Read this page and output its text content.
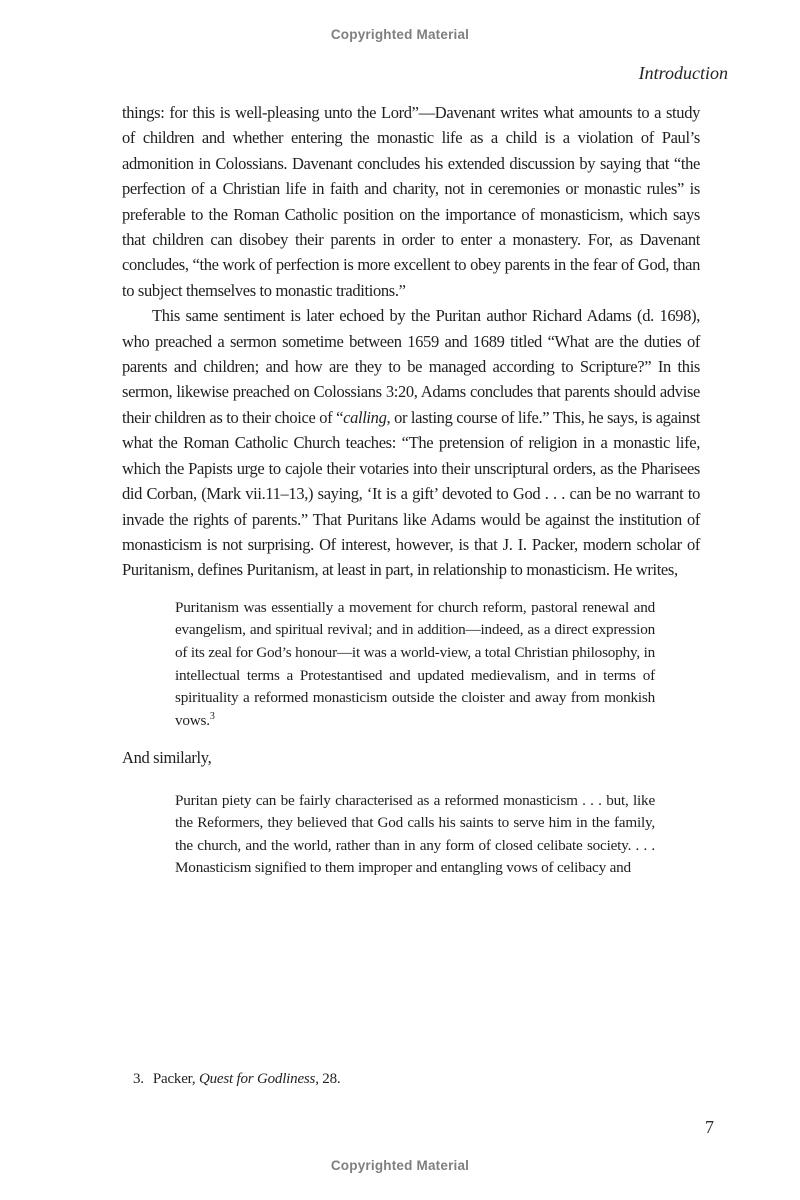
Copyrighted Material
Introduction

things: for this is well-pleasing unto the Lord”—Davenant writes what amounts to a study of children and whether entering the monastic life as a child is a violation of Paul’s admonition in Colossians. Davenant concludes his extended discussion by saying that “the perfection of a Christian life in faith and charity, not in ceremonies or monastic rules” is preferable to the Roman Catholic position on the importance of monasticism, which says that children can disobey their parents in order to enter a monastery. For, as Davenant concludes, “the work of perfection is more excellent to obey parents in the fear of God, than to subject themselves to monastic traditions.”

This same sentiment is later echoed by the Puritan author Richard Adams (d. 1698), who preached a sermon sometime between 1659 and 1689 titled “What are the duties of parents and children; and how are they to be managed according to Scripture?” In this sermon, likewise preached on Colossians 3:20, Adams concludes that parents should advise their children as to their choice of “calling, or lasting course of life.” This, he says, is against what the Roman Catholic Church teaches: “The pretension of religion in a monastic life, which the Papists urge to cajole their votaries into their unscriptural orders, as the Pharisees did Corban, (Mark vii.11–13,) saying, ‘It is a gift’ devoted to God . . . can be no warrant to invade the rights of parents.” That Puritans like Adams would be against the institution of monasticism is not surprising. Of interest, however, is that J. I. Packer, modern scholar of Puritanism, defines Puritanism, at least in part, in relationship to monasticism. He writes,

Puritanism was essentially a movement for church reform, pastoral renewal and evangelism, and spiritual revival; and in addition—indeed, as a direct expression of its zeal for God’s honour—it was a world-view, a total Christian philosophy, in intellectual terms a Protestantised and updated medievalism, and in terms of spirituality a reformed monasticism outside the cloister and away from monkish vows.$^3$

And similarly,

Puritan piety can be fairly characterised as a reformed monasticism . . . but, like the Reformers, they believed that God calls his saints to serve him in the family, the church, and the world, rather than in any form of closed celibate society. . . . Monasticism signified to them improper and entangling vows of celibacy and
3. Packer, Quest for Godliness, 28.
7
Copyrighted Material
